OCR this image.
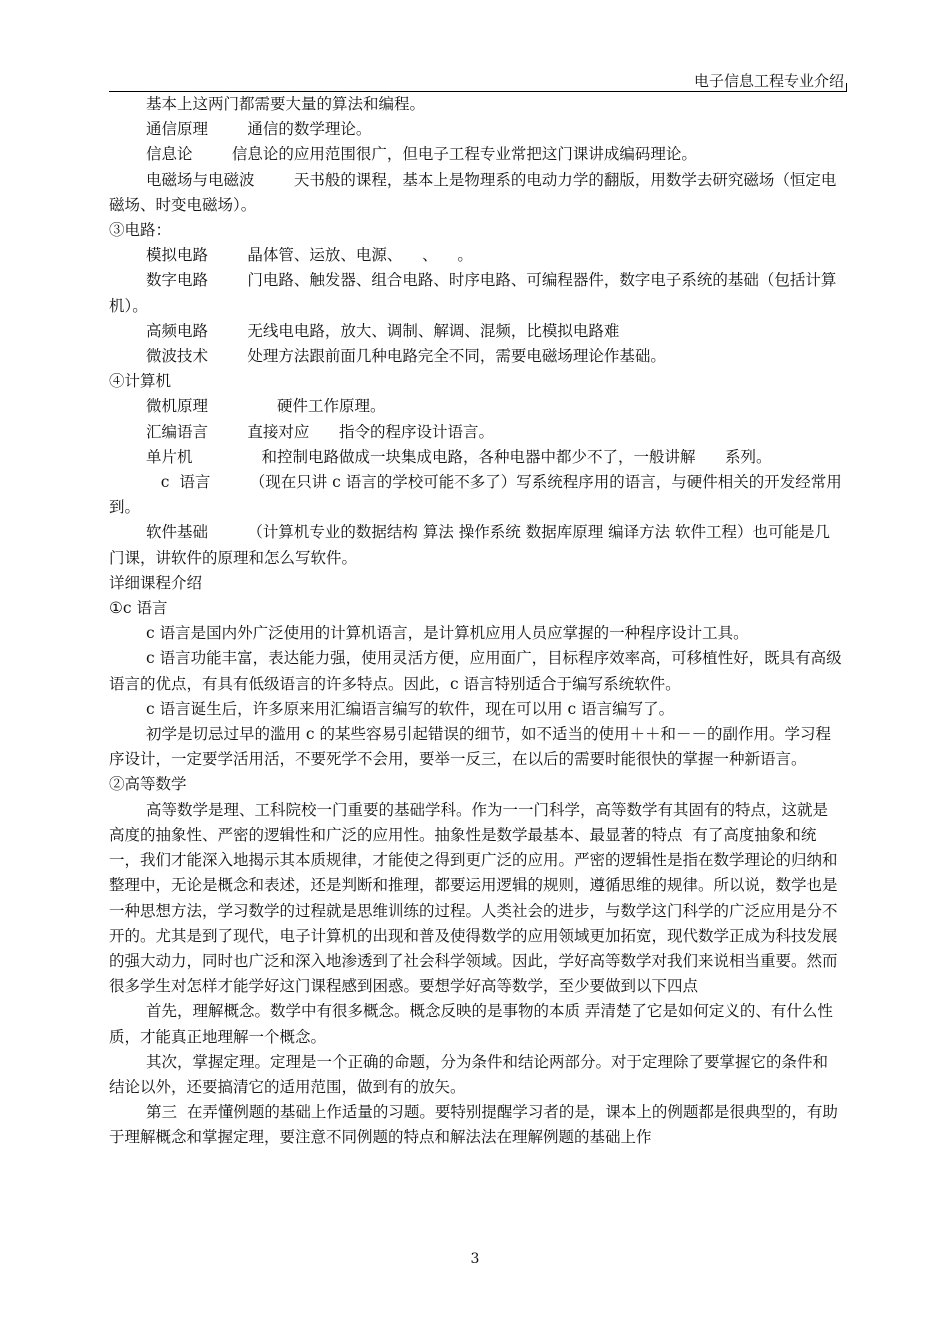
电子信息工程专业介绍

基本上这两门都需要大量的算法和编程。

通信原理        通信的数学理论。

信息论        信息论的应用范围很广，但电子工程专业常把这门课讲成编码理论。

电磁场与电磁波        天书般的课程，基本上是物理系的电动力学的翻版，用数学去研究磁场（恒定电磁场、时变电磁场）。

③电路：

模拟电路        晶体管、运放、电源、    、    。

数字电路        门电路、触发器、组合电路、时序电路、可编程器件，数字电子系统的基础（包括计算机）。

高频电路        无线电电路，放大、调制、解调、混频，比模拟电路难

微波技术        处理方法跟前面几种电路完全不同，需要电磁场理论作基础。

④计算机

微机原理              硬件工作原理。

汇编语言        直接对应      指令的程序设计语言。

单片机              和控制电路做成一块集成电路，各种电器中都少不了，一般讲解      系列。

c  语言        （现在只讲 c 语言的学校可能不多了）写系统程序用的语言，与硬件相关的开发经常用到。

软件基础        （计算机专业的数据结构 算法 操作系统 数据库原理 编译方法 软件工程）也可能是几门课，讲软件的原理和怎么写软件。

详细课程介绍

①c 语言

c 语言是国内外广泛使用的计算机语言，是计算机应用人员应掌握的一种程序设计工具。

c 语言功能丰富，表达能力强，使用灵活方便，应用面广，目标程序效率高，可移植性好，既具有高级语言的优点，有具有低级语言的许多特点。因此，c 语言特别适合于编写系统软件。

c 语言诞生后，许多原来用汇编语言编写的软件，现在可以用 c 语言编写了。

初学是切忌过早的滥用 c 的某些容易引起错误的细节，如不适当的使用＋＋和－－的副作用。学习程序设计，一定要学活用活，不要死学不会用，要举一反三，在以后的需要时能很快的掌握一种新语言。

②高等数学

高等数学是理、工科院校一门重要的基础学科。作为一一门科学，高等数学有其固有的特点，这就是高度的抽象性、严密的逻辑性和广泛的应用性。抽象性是数学最基本、最显著的特点  有了高度抽象和统一，我们才能深入地揭示其本质规律，才能使之得到更广泛的应用。严密的逻辑性是指在数学理论的归纳和整理中，无论是概念和表述，还是判断和推理，都要运用逻辑的规则，遵循思维的规律。所以说，数学也是一种思想方法，学习数学的过程就是思维训练的过程。人类社会的进步，与数学这门科学的广泛应用是分不开的。尤其是到了现代，电子计算机的出现和普及使得数学的应用领域更加拓宽，现代数学正成为科技发展的强大动力，同时也广泛和深入地渗透到了社会科学领域。因此，学好高等数学对我们来说相当重要。然而很多学生对怎样才能学好这门课程感到困惑。要想学好高等数学，至少要做到以下四点

首先，理解概念。数学中有很多概念。概念反映的是事物的本质 弄清楚了它是如何定义的、有什么性质，才能真正地理解一个概念。

其次，掌握定理。定理是一个正确的命题，分为条件和结论两部分。对于定理除了要掌握它的条件和结论以外，还要搞清它的适用范围，做到有的放矢。

第三  在弄懂例题的基础上作适量的习题。要特别提醒学习者的是，课本上的例题都是很典型的，有助于理解概念和掌握定理，要注意不同例题的特点和解法法在理解例题的基础上作

3
